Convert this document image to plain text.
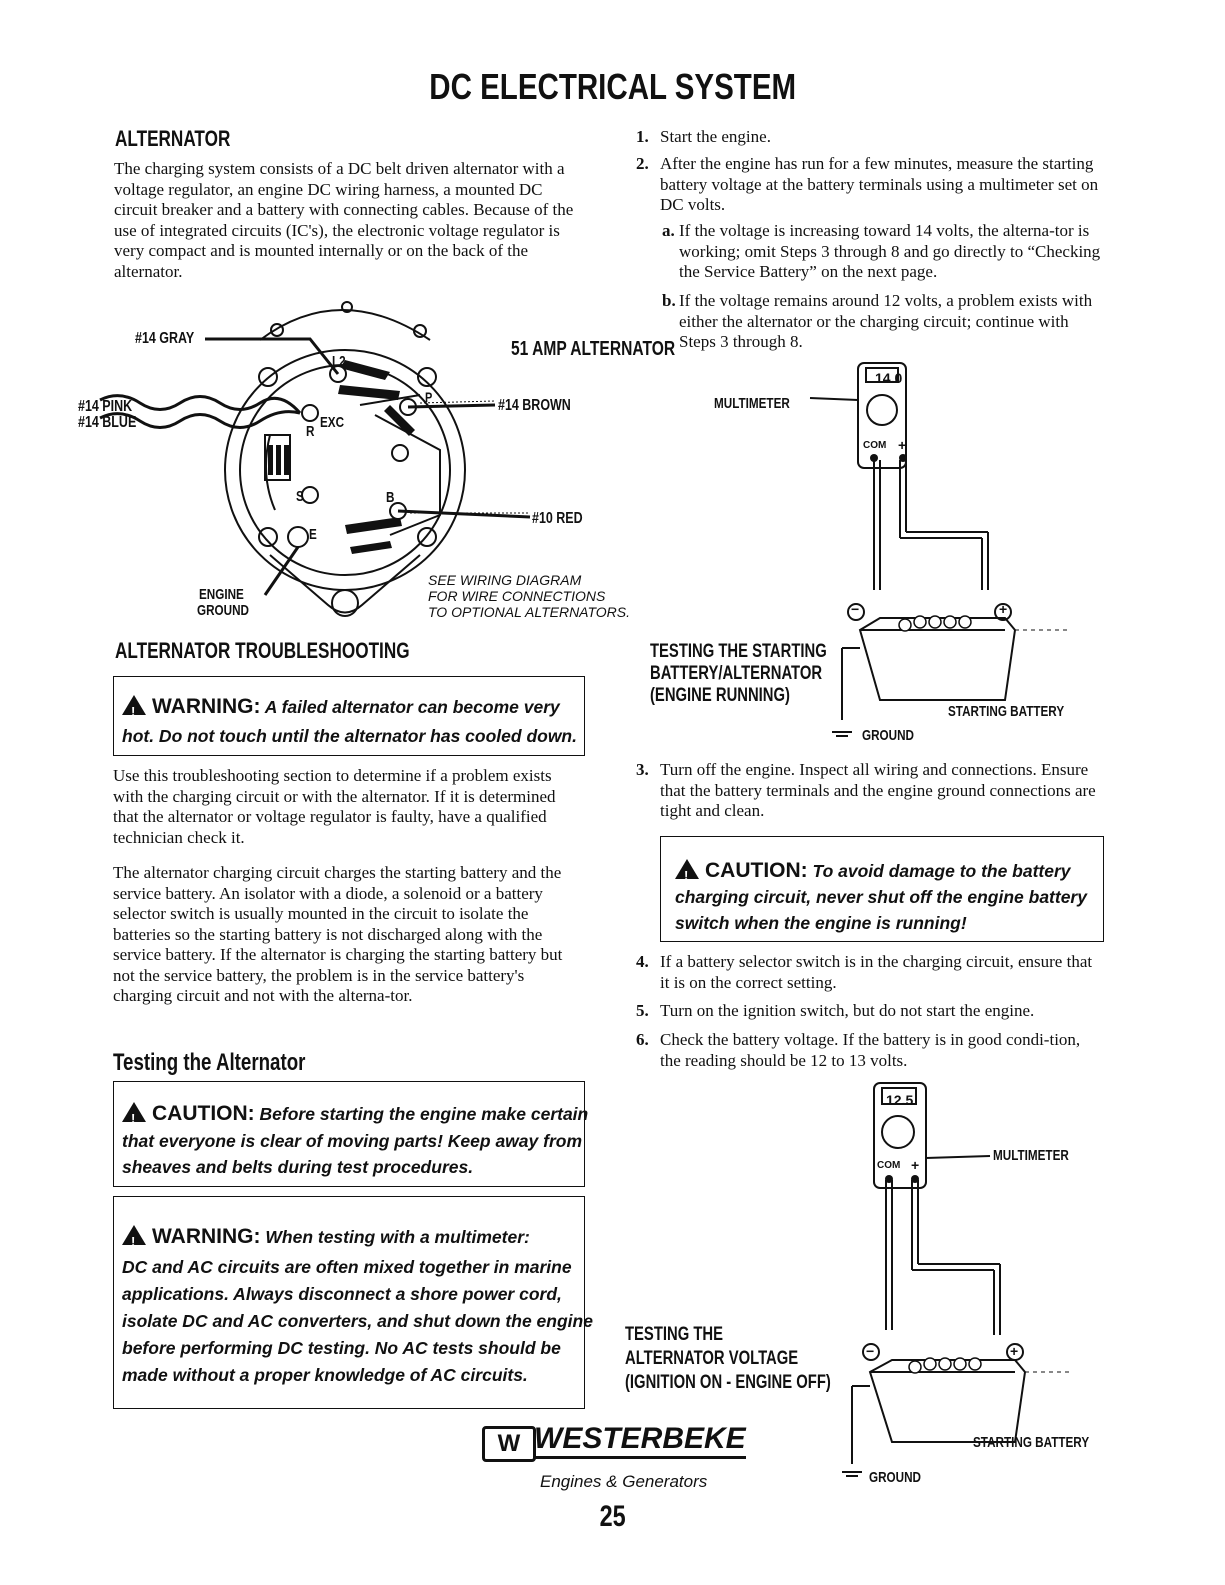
DC ELECTRICAL SYSTEM
ALTERNATOR
The charging system consists of a DC belt driven alternator with a voltage regulator, an engine DC wiring harness, a mounted DC circuit breaker and a battery with connecting cables. Because of the use of integrated circuits (IC's), the electronic voltage regulator is very compact and is mounted internally or on the back of the alternator.
51 AMP ALTERNATOR
#14 GRAY
#14 PINK
#14 BLUE
#14 BROWN
#10 RED
ENGINE
GROUND
L2
P
R
EXC
S	B
E
SEE WIRING DIAGRAM
FOR WIRE CONNECTIONS
TO OPTIONAL ALTERNATORS.
ALTERNATOR TROUBLESHOOTING
!WARNING: A failed alternator can become very
hot. Do not touch until the alternator has cooled down.
Use this troubleshooting section to determine if a problem exists with the charging circuit or with the alternator. If it is determined that the alternator or voltage regulator is faulty, have a qualified technician check it.
The alternator charging circuit charges the starting battery and the service battery. An isolator with a diode, a solenoid or a battery selector switch is usually mounted in the circuit to isolate the batteries so the starting battery is not discharged along with the service battery. If the alternator is charging the starting battery but not the service battery, the problem is in the service battery's charging circuit and not with the alterna-tor.
Testing the Alternator
!CAUTION: Before starting the engine make certain
that everyone is clear of moving parts! Keep away from
sheaves and belts during test procedures.
!WARNING: When testing with a multimeter:
DC and AC circuits are often mixed together in marine
applications. Always disconnect a shore power cord,
isolate DC and AC converters, and shut down the engine
before performing DC testing. No AC tests should be
made without a proper knowledge of AC circuits.
1. Start the engine.
2. After the engine has run for a few minutes, measure the starting battery voltage at the battery terminals using a multimeter set on DC volts.
a. If the voltage is increasing toward 14 volts, the alterna-tor is working; omit Steps 3 through 8 and go directly to “Checking the Service Battery” on the next page.
b. If the voltage remains around 12 volts, a problem exists with either the alternator or the charging circuit; continue with Steps 3 through 8.
14.0
MULTIMETER
COM +
−	+
TESTING THE STARTING
BATTERY/ALTERNATOR
(ENGINE RUNNING)
STARTING BATTERY
GROUND
3. Turn off the engine. Inspect all wiring and connections. Ensure that the battery terminals and the engine ground connections are tight and clean.
!CAUTION: To avoid damage to the battery
charging circuit, never shut off the engine battery
switch when the engine is running!
4. If a battery selector switch is in the charging circuit, ensure that it is on the correct setting.
5. Turn on the ignition switch, but do not start the engine.
6. Check the battery voltage. If the battery is in good condi-tion, the reading should be 12 to 13 volts.
12.5
MULTIMETER
COM +
−	+
TESTING THE
ALTERNATOR VOLTAGE
(IGNITION ON - ENGINE OFF)
STARTING BATTERY
GROUND
W WESTERBEKE
Engines & Generators
25
